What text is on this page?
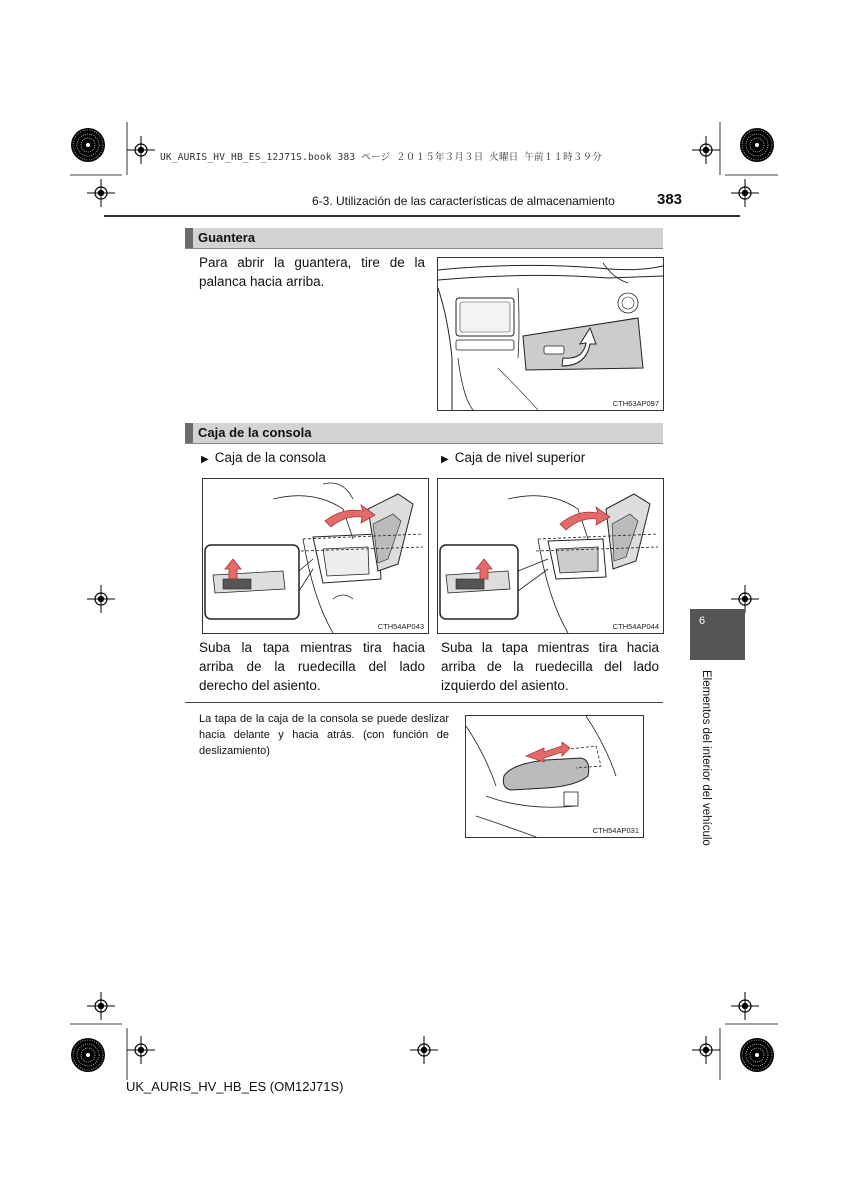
UK_AURIS_HV_HB_ES_12J71S.book 383 ページ ２０１５年３月３日 火曜日 午前１１時３９分
6-3. Utilización de las características de almacenamiento	383
Guantera
Para abrir la guantera, tire de la palanca hacia arriba.
CTH63AP097
Caja de la consola
▶ Caja de la consola	▶ Caja de nivel superior
CTH54AP043	CTH54AP044
Suba la tapa mientras tira hacia arriba de la ruedecilla del lado derecho del asiento.
Suba la tapa mientras tira hacia arriba de la ruedecilla del lado izquierdo del asiento.
La tapa de la caja de la consola se puede deslizar hacia delante y hacia atrás. (con función de deslizamiento)
CTH54AP031
6
Elementos del interior del vehículo
UK_AURIS_HV_HB_ES (OM12J71S)
